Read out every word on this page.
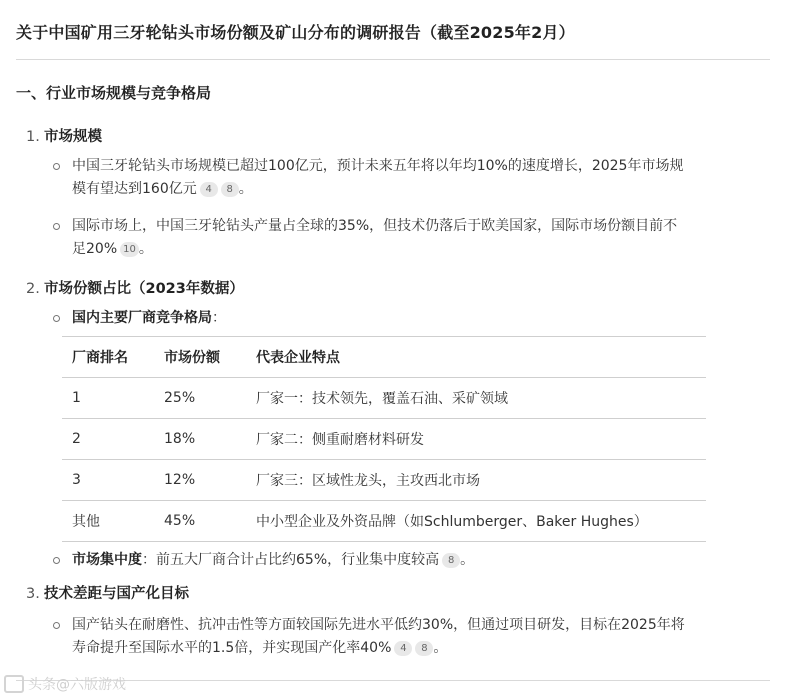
关于中国矿用三牙轮钻头市场份额及矿山分布的调研报告（截至2025年2月）
一、行业市场规模与竞争格局
1. 市场规模
中国三牙轮钻头市场规模已超过100亿元，预计未来五年将以年均10%的速度增长，2025年市场规
模有望达到160亿元 4 8 。
国际市场上，中国三牙轮钻头产量占全球的35%，但技术仍落后于欧美国家，国际市场份额目前不
足20% 10 。
2. 市场份额占比（2023年数据）
国内主要厂商竞争格局：
厂商排名	市场份额	代表企业特点
1	25%	厂家一：技术领先，覆盖石油、采矿领域
2	18%	厂家二：侧重耐磨材料研发
3	12%	厂家三：区域性龙头，主攻西北市场
其他	45%	中小型企业及外资品牌（如Schlumberger、Baker Hughes）
市场集中度：前五大厂商合计占比约65%，行业集中度较高 8 。
3. 技术差距与国产化目标
国产钻头在耐磨性、抗冲击性等方面较国际先进水平低约30%，但通过项目研发，目标在2025年将
寿命提升至国际水平的1.5倍，并实现国产化率40% 4 8 。
头条@六版游戏
